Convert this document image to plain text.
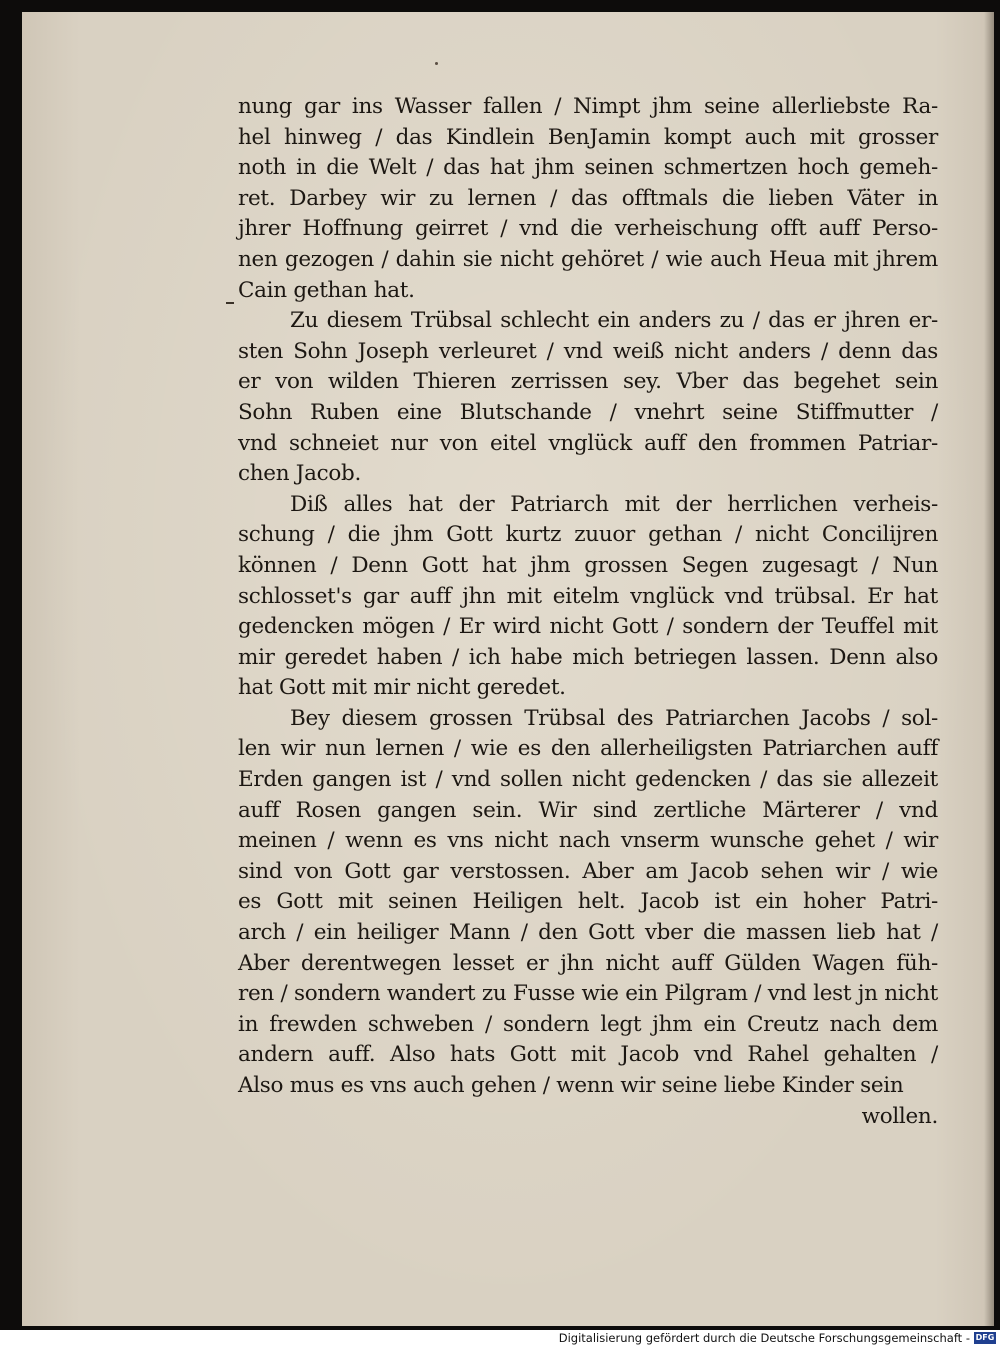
nung gar ins Wasser fallen / Nimpt jhm seine allerliebste Ra-
hel hinweg / das Kindlein BenJamin kompt auch mit grosser
noth in die Welt / das hat jhm seinen schmertzen hoch gemeh-
ret. Darbey wir zu lernen / das offtmals die lieben Väter in
jhrer Hoffnung geirret / vnd die verheischung offt auff Perso-
nen gezogen / dahin sie nicht gehöret / wie auch Heua mit jhrem
Cain gethan hat.
Zu diesem Trübsal schlecht ein anders zu / das er jhren er-
sten Sohn Joseph verleuret / vnd weiß nicht anders / denn das
er von wilden Thieren zerrissen sey. Vber das begehet sein
Sohn Ruben eine Blutschande / vnehrt seine Stiffmutter /
vnd schneiet nur von eitel vnglück auff den frommen Patriar-
chen Jacob.
Diß alles hat der Patriarch mit der herrlichen verheis-
schung / die jhm Gott kurtz zuuor gethan / nicht Concilijren
können / Denn Gott hat jhm grossen Segen zugesagt / Nun
schlosset's gar auff jhn mit eitelm vnglück vnd trübsal. Er hat
gedencken mögen / Er wird nicht Gott / sondern der Teuffel mit
mir geredet haben / ich habe mich betriegen lassen. Denn also
hat Gott mit mir nicht geredet.
Bey diesem grossen Trübsal des Patriarchen Jacobs / sol-
len wir nun lernen / wie es den allerheiligsten Patriarchen auff
Erden gangen ist / vnd sollen nicht gedencken / das sie allezeit
auff Rosen gangen sein. Wir sind zertliche Märterer / vnd
meinen / wenn es vns nicht nach vnserm wunsche gehet / wir
sind von Gott gar verstossen. Aber am Jacob sehen wir / wie
es Gott mit seinen Heiligen helt. Jacob ist ein hoher Patri-
arch / ein heiliger Mann / den Gott vber die massen lieb hat /
Aber derentwegen lesset er jhn nicht auff Gülden Wagen füh-
ren / sondern wandert zu Fusse wie ein Pilgram / vnd lest jn nicht
in frewden schweben / sondern legt jhm ein Creutz nach dem
andern auff. Also hats Gott mit Jacob vnd Rahel gehalten /
Also mus es vns auch gehen / wenn wir seine liebe Kinder sein
wollen.
Digitalisierung gefördert durch die Deutsche Forschungsgemeinschaft - DFG
